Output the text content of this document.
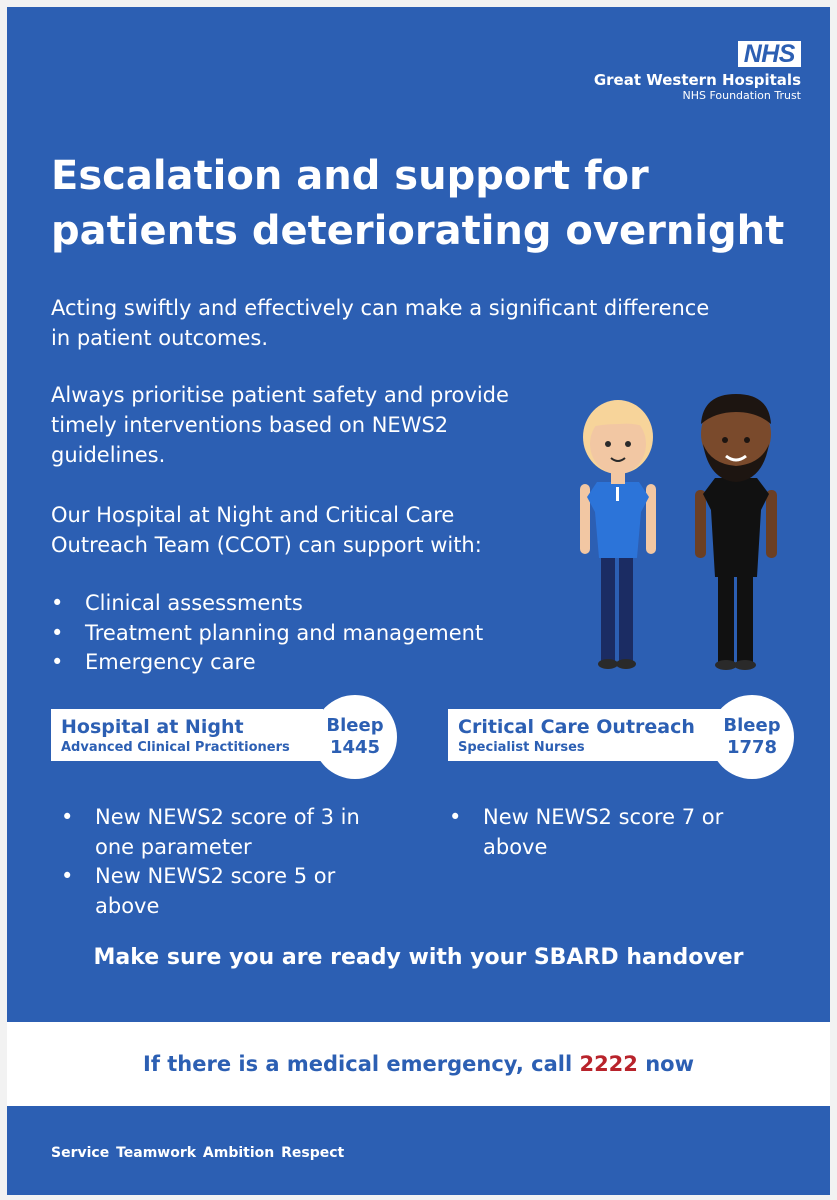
NHS
Great Western Hospitals
NHS Foundation Trust
Escalation and support for
patients deteriorating overnight
Acting swiftly and effectively can make a significant difference
in patient outcomes.
Always prioritise patient safety and provide
timely interventions based on NEWS2
guidelines.
Our Hospital at Night and Critical Care
Outreach Team (CCOT) can support with:
• Clinical assessments
• Treatment planning and management
• Emergency care
Hospital at Night
Advanced Clinical Practitioners
Bleep
1445
• New NEWS2 score of 3 in
one parameter
• New NEWS2 score 5 or
above
Critical Care Outreach
Specialist Nurses
Bleep
1778
• New NEWS2 score 7 or
above
Make sure you are ready with your SBARD handover
If there is a medical emergency, call 2222 now
Service Teamwork Ambition Respect
